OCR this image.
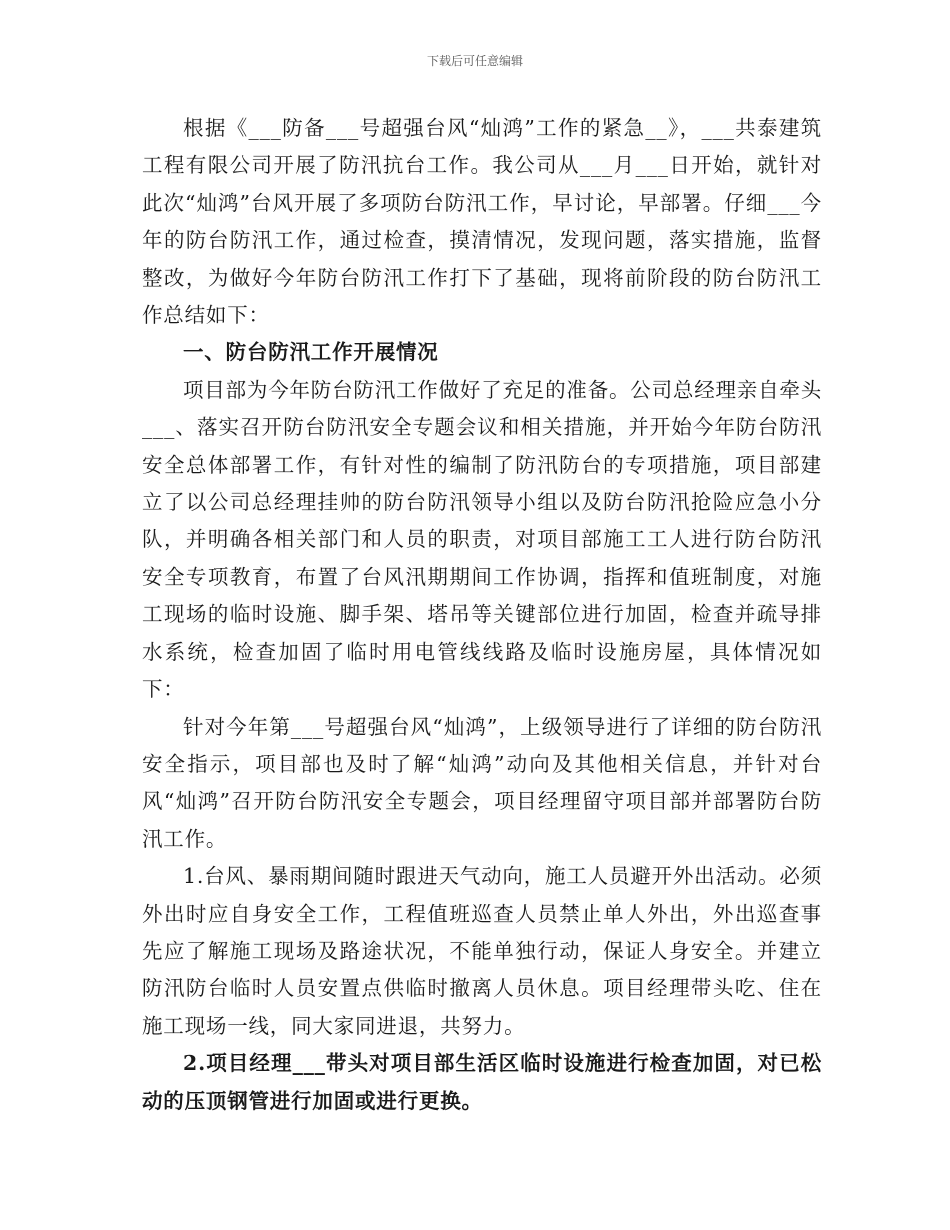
下载后可任意编辑

根据《___防备___号超强台风“灿鸿”工作的紧急__》，___共泰建筑工程有限公司开展了防汛抗台工作。我公司从___月___日开始，就针对此次“灿鸿”台风开展了多项防台防汛工作，早讨论，早部署。仔细___今年的防台防汛工作，通过检查，摸清情况，发现问题，落实措施，监督整改，为做好今年防台防汛工作打下了基础，现将前阶段的防台防汛工作总结如下：

一、防台防汛工作开展情况

项目部为今年防台防汛工作做好了充足的准备。公司总经理亲自牵头___、落实召开防台防汛安全专题会议和相关措施，并开始今年防台防汛安全总体部署工作，有针对性的编制了防汛防台的专项措施，项目部建立了以公司总经理挂帅的防台防汛领导小组以及防台防汛抢险应急小分队，并明确各相关部门和人员的职责，对项目部施工工人进行防台防汛安全专项教育，布置了台风汛期期间工作协调，指挥和值班制度，对施工现场的临时设施、脚手架、塔吊等关键部位进行加固，检查并疏导排水系统，检查加固了临时用电管线线路及临时设施房屋，具体情况如下：

针对今年第___号超强台风“灿鸿”，上级领导进行了详细的防台防汛安全指示，项目部也及时了解“灿鸿”动向及其他相关信息，并针对台风“灿鸿”召开防台防汛安全专题会，项目经理留守项目部并部署防台防汛工作。

1.台风、暴雨期间随时跟进天气动向，施工人员避开外出活动。必须外出时应自身安全工作，工程值班巡查人员禁止单人外出，外出巡查事先应了解施工现场及路途状况，不能单独行动，保证人身安全。并建立防汛防台临时人员安置点供临时撤离人员休息。项目经理带头吃、住在施工现场一线，同大家同进退，共努力。

2.项目经理___带头对项目部生活区临时设施进行检查加固，对已松动的压顶钢管进行加固或进行更换。
